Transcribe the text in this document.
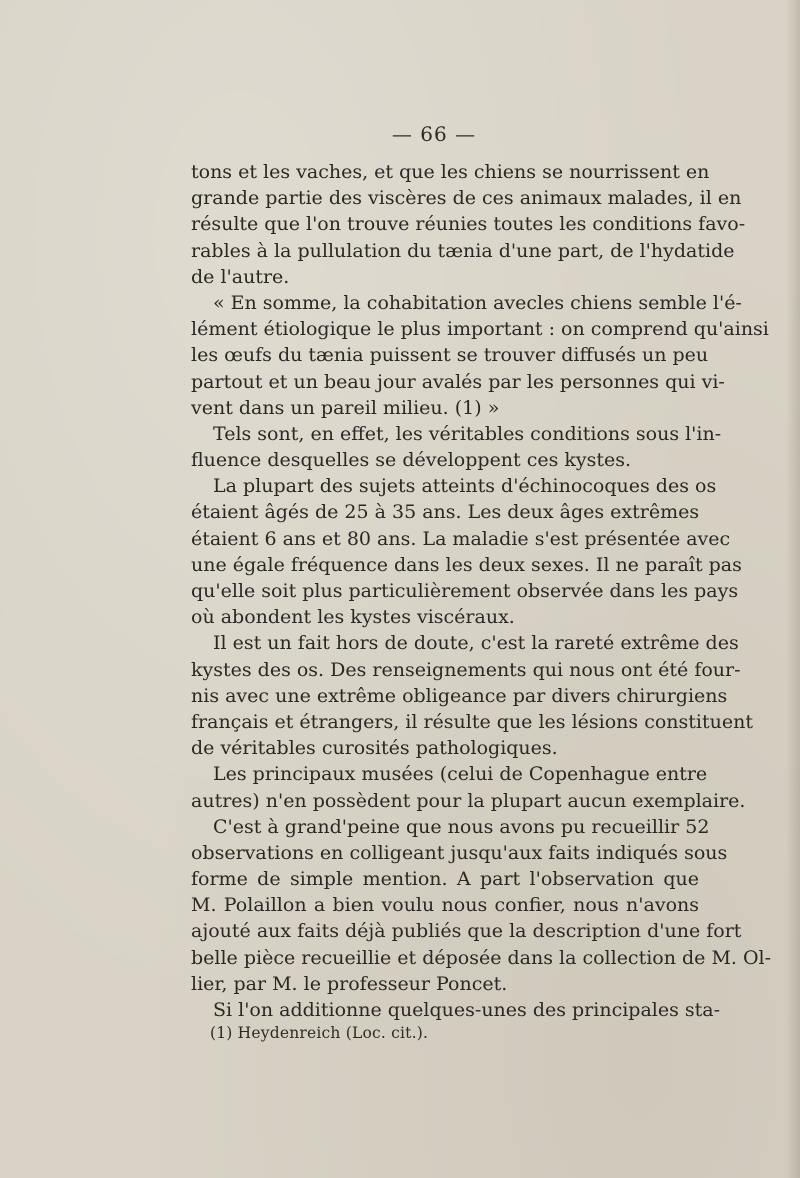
— 66 —
tons et les vaches, et que les chiens se nourrissent en
grande partie des viscères de ces animaux malades, il en
résulte que l'on trouve réunies toutes les conditions favo-
rables à la pullulation du tænia d'une part, de l'hydatide
de l'autre.
« En somme, la cohabitation avecles chiens semble l'é-
lément étiologique le plus important : on comprend qu'ainsi
les œufs du tænia puissent se trouver diffusés un peu
partout et un beau jour avalés par les personnes qui vi-
vent dans un pareil milieu. (1) »
Tels sont, en effet, les véritables conditions sous l'in-
fluence desquelles se développent ces kystes.
La plupart des sujets atteints d'échinocoques des os
étaient âgés de 25 à 35 ans. Les deux âges extrêmes
étaient 6 ans et 80 ans. La maladie s'est présentée avec
une égale fréquence dans les deux sexes. Il ne paraît pas
qu'elle soit plus particulièrement observée dans les pays
où abondent les kystes viscéraux.
Il est un fait hors de doute, c'est la rareté extrême des
kystes des os. Des renseignements qui nous ont été four-
nis avec une extrême obligeance par divers chirurgiens
français et étrangers, il résulte que les lésions constituent
de véritables curosités pathologiques.
Les principaux musées (celui de Copenhague entre
autres) n'en possèdent pour la plupart aucun exemplaire.
C'est à grand'peine que nous avons pu recueillir 52
observations en colligeant jusqu'aux faits indiqués sous
forme de simple mention. A part l'observation que
M. Polaillon a bien voulu nous confier, nous n'avons
ajouté aux faits déjà publiés que la description d'une fort
belle pièce recueillie et déposée dans la collection de M. Ol-
lier, par M. le professeur Poncet.
Si l'on additionne quelques-unes des principales sta-
(1) Heydenreich (Loc. cit.).
